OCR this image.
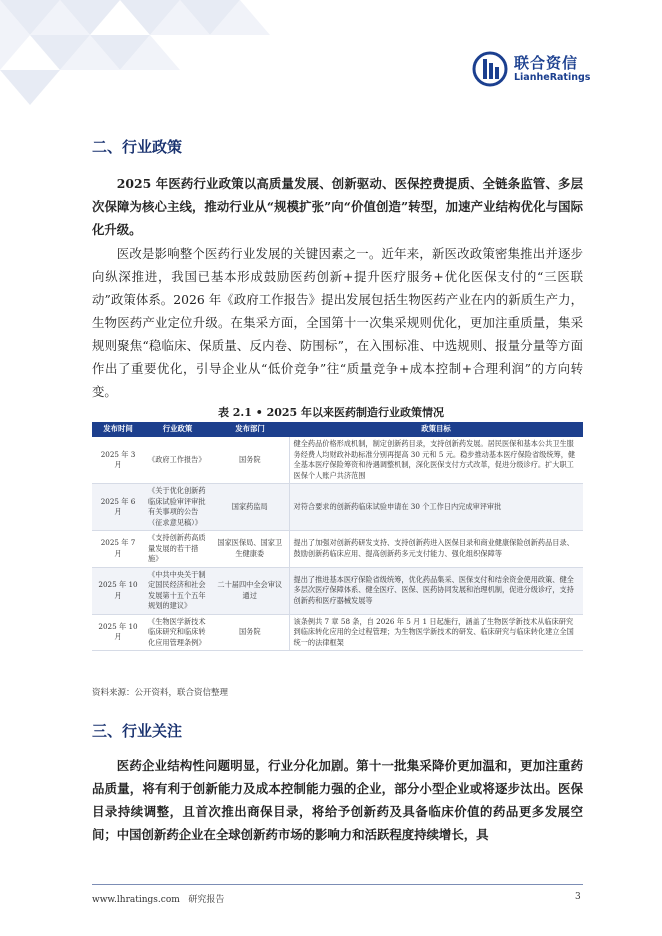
联合资信
LianheRatings
二、行业政策

2025 年医药行业政策以高质量发展、创新驱动、医保控费提质、全链条监管、多层次保障为核心主线，推动行业从“规模扩张”向“价值创造”转型，加速产业结构优化与国际化升级。

医改是影响整个医药行业发展的关键因素之一。近年来，新医改政策密集推出并逐步向纵深推进，我国已基本形成鼓励医药创新+提升医疗服务+优化医保支付的“三医联动”政策体系。2026 年《政府工作报告》提出发展包括生物医药产业在内的新质生产力，生物医药产业定位升级。在集采方面，全国第十一次集采规则优化，更加注重质量，集采规则聚焦“稳临床、保质量、反内卷、防围标”，在入围标准、中选规则、报量分量等方面作出了重要优化，引导企业从“低价竞争”往“质量竞争+成本控制+合理利润”的方向转变。

表 2.1 • 2025 年以来医药制造行业政策情况
发布时间	行业政策	发布部门	政策目标
2025 年 3 月	《政府工作报告》	国务院	健全药品价格形成机制，制定创新药目录，支持创新药发展。居民医保和基本公共卫生服务经费人均财政补助标准分别再提高 30 元和 5 元。稳步推动基本医疗保险省级统筹，健全基本医疗保险筹资和待遇调整机制，深化医保支付方式改革，促进分级诊疗。扩大职工医保个人账户共济范围
2025 年 6 月	《关于优化创新药临床试验审评审批有关事项的公告（征求意见稿）》	国家药监局	对符合要求的创新药临床试验申请在 30 个工作日内完成审评审批
2025 年 7 月	《支持创新药高质量发展的若干措施》	国家医保局、国家卫生健康委	提出了加强对创新药研发支持、支持创新药进入医保目录和商业健康保险创新药品目录、鼓励创新药临床应用、提高创新药多元支付能力、强化组织保障等
2025 年 10 月	《中共中央关于制定国民经济和社会发展第十五个五年规划的建议》	二十届四中全会审议通过	提出了推进基本医疗保险省级统筹，优化药品集采、医保支付和结余资金使用政策、健全多层次医疗保障体系、健全医疗、医保、医药协同发展和治理机制，促进分级诊疗，支持创新药和医疗器械发展等
2025 年 10 月	《生物医学新技术临床研究和临床转化应用管理条例》	国务院	该条例共 7 章 58 条，自 2026 年 5 月 1 日起施行，涵盖了生物医学新技术从临床研究到临床转化应用的全过程管理；为生物医学新技术的研发、临床研究与临床转化建立全国统一的法律框架
资料来源：公开资料，联合资信整理
三、行业关注

医药企业结构性问题明显，行业分化加剧。第十一批集采降价更加温和，更加注重药品质量，将有利于创新能力及成本控制能力强的企业，部分小型企业或将逐步汰出。医保目录持续调整，且首次推出商保目录，将给予创新药及具备临床价值的药品更多发展空间；中国创新药企业在全球创新药市场的影响力和活跃程度持续增长，具

www.lhratings.com 研究报告	3
